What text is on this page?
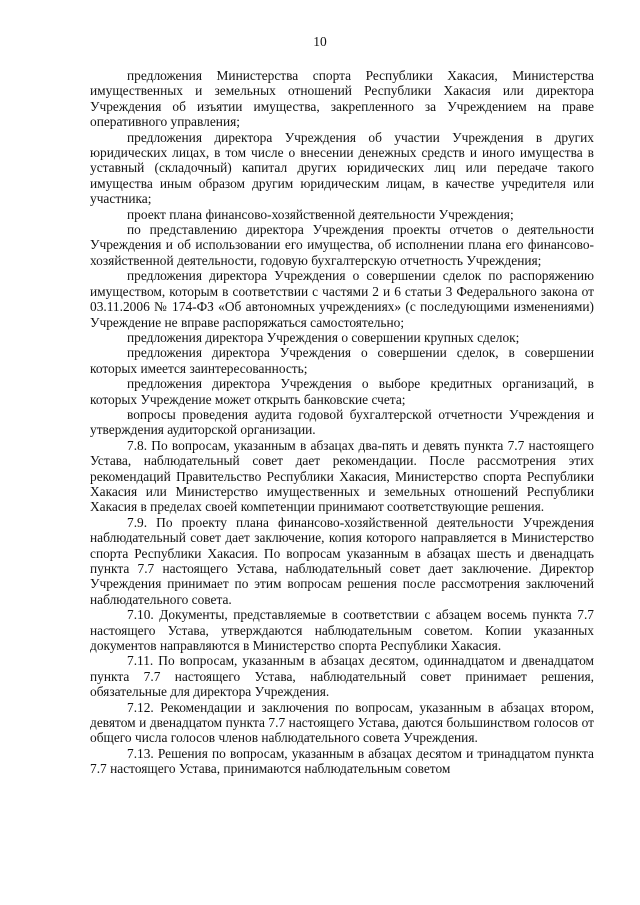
10

предложения Министерства спорта Республики Хакасия, Министерства имущественных и земельных отношений Республики Хакасия или директора Учреждения об изъятии имущества, закрепленного за Учреждением на праве оперативного управления;

предложения директора Учреждения об участии Учреждения в других юридических лицах, в том числе о внесении денежных средств и иного имущества в уставный (складочный) капитал других юридических лиц или передаче такого имущества иным образом другим юридическим лицам, в качестве учредителя или участника;

проект плана финансово-хозяйственной деятельности Учреждения;

по представлению директора Учреждения проекты отчетов о деятельности Учреждения и об использовании его имущества, об исполнении плана его финансово-хозяйственной деятельности, годовую бухгалтерскую отчетность Учреждения;

предложения директора Учреждения о совершении сделок по распоряжению имуществом, которым в соответствии с частями 2 и 6 статьи 3 Федерального закона от 03.11.2006 № 174-ФЗ «Об автономных учреждениях» (с последующими изменениями) Учреждение не вправе распоряжаться самостоятельно;

предложения директора Учреждения о совершении крупных сделок;

предложения директора Учреждения о совершении сделок, в совершении которых имеется заинтересованность;

предложения директора Учреждения о выборе кредитных организаций, в которых Учреждение может открыть банковские счета;

вопросы проведения аудита годовой бухгалтерской отчетности Учреждения и утверждения аудиторской организации.

7.8. По вопросам, указанным в абзацах два-пять и девять пункта 7.7 настоящего Устава, наблюдательный совет дает рекомендации. После рассмотрения этих рекомендаций Правительство Республики Хакасия, Министерство спорта Республики Хакасия или Министерство имущественных и земельных отношений Республики Хакасия в пределах своей компетенции принимают соответствующие решения.

7.9. По проекту плана финансово-хозяйственной деятельности Учреждения наблюдательный совет дает заключение, копия которого направляется в Министерство спорта Республики Хакасия. По вопросам указанным в абзацах шесть и двенадцать пункта 7.7 настоящего Устава, наблюдательный совет дает заключение. Директор Учреждения принимает по этим вопросам решения после рассмотрения заключений наблюдательного совета.

7.10. Документы, представляемые в соответствии с абзацем восемь пункта 7.7 настоящего Устава, утверждаются наблюдательным советом. Копии указанных документов направляются в Министерство спорта Республики Хакасия.

7.11. По вопросам, указанным в абзацах десятом, одиннадцатом и двенадцатом пункта 7.7 настоящего Устава, наблюдательный совет принимает решения, обязательные для директора Учреждения.

7.12. Рекомендации и заключения по вопросам, указанным в абзацах втором, девятом и двенадцатом пункта 7.7 настоящего Устава, даются большинством голосов от общего числа голосов членов наблюдательного совета Учреждения.

7.13. Решения по вопросам, указанным в абзацах десятом и тринадцатом пункта 7.7 настоящего Устава, принимаются наблюдательным советом
